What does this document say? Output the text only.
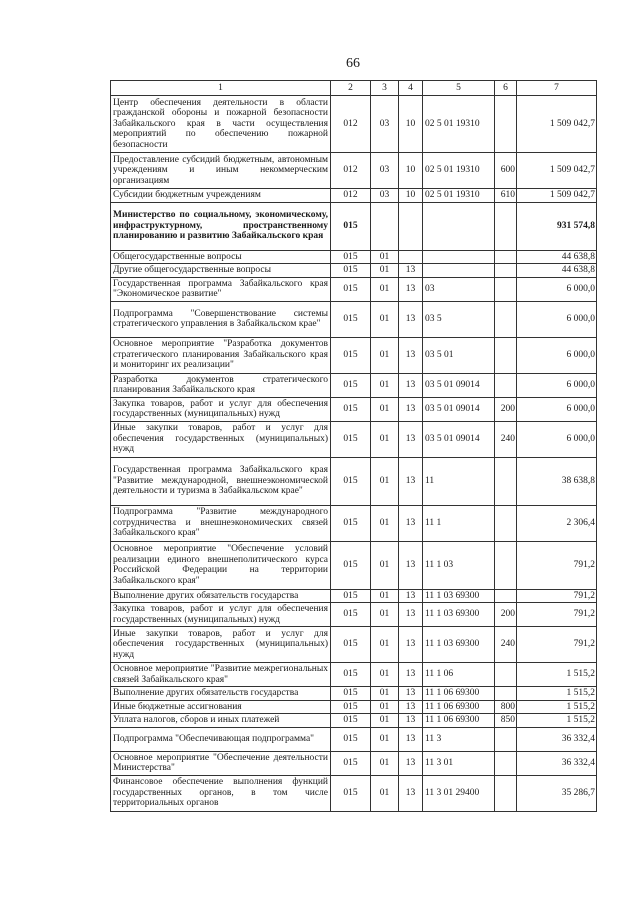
66
1	2	3	4	5	6	7
Центр обеспечения деятельности в области гражданской обороны и пожарной безопасности Забайкальского края в части осуществления мероприятий по обеспечению пожарной безопасности	012	03	10	02 5 01 19310		1 509 042,7
Предоставление субсидий бюджетным, автономным учреждениям и иным некоммерческим организациям	012	03	10	02 5 01 19310	600	1 509 042,7
Субсидии бюджетным учреждениям	012	03	10	02 5 01 19310	610	1 509 042,7
Министерство по социальному, экономическому, инфраструктурному, пространственному планированию и развитию Забайкальского края	015					931 574,8
Общегосударственные вопросы	015	01				44 638,8
Другие общегосударственные вопросы	015	01	13			44 638,8
Государственная программа Забайкальского края "Экономическое развитие"	015	01	13	03		6 000,0
Подпрограмма "Совершенствование системы стратегического управления в Забайкальском крае"	015	01	13	03 5		6 000,0
Основное мероприятие "Разработка документов стратегического планирования Забайкальского края и мониторинг их реализации"	015	01	13	03 5 01		6 000,0
Разработка документов стратегического планирования Забайкальского края	015	01	13	03 5 01 09014		6 000,0
Закупка товаров, работ и услуг для обеспечения государственных (муниципальных) нужд	015	01	13	03 5 01 09014	200	6 000,0
Иные закупки товаров, работ и услуг для обеспечения государственных (муниципальных) нужд	015	01	13	03 5 01 09014	240	6 000,0
Государственная программа Забайкальского края "Развитие международной, внешнеэкономической деятельности и туризма в Забайкальском крае"	015	01	13	11		38 638,8
Подпрограмма "Развитие международного сотрудничества и внешнеэкономических связей Забайкальского края"	015	01	13	11 1		2 306,4
Основное мероприятие "Обеспечение условий реализации единого внешнеполитического курса Российской Федерации на территории Забайкальского края"	015	01	13	11 1 03		791,2
Выполнение других обязательств государства	015	01	13	11 1 03 69300		791,2
Закупка товаров, работ и услуг для обеспечения государственных (муниципальных) нужд	015	01	13	11 1 03 69300	200	791,2
Иные закупки товаров, работ и услуг для обеспечения государственных (муниципальных) нужд	015	01	13	11 1 03 69300	240	791,2
Основное мероприятие "Развитие межрегиональных связей Забайкальского края"	015	01	13	11 1 06		1 515,2
Выполнение других обязательств государства	015	01	13	11 1 06 69300		1 515,2
Иные бюджетные ассигнования	015	01	13	11 1 06 69300	800	1 515,2
Уплата налогов, сборов и иных платежей	015	01	13	11 1 06 69300	850	1 515,2
Подпрограмма "Обеспечивающая подпрограмма"	015	01	13	11 3		36 332,4
Основное мероприятие "Обеспечение деятельности Министерства"	015	01	13	11 3 01		36 332,4
Финансовое обеспечение выполнения функций государственных органов, в том числе территориальных органов	015	01	13	11 3 01 29400		35 286,7
